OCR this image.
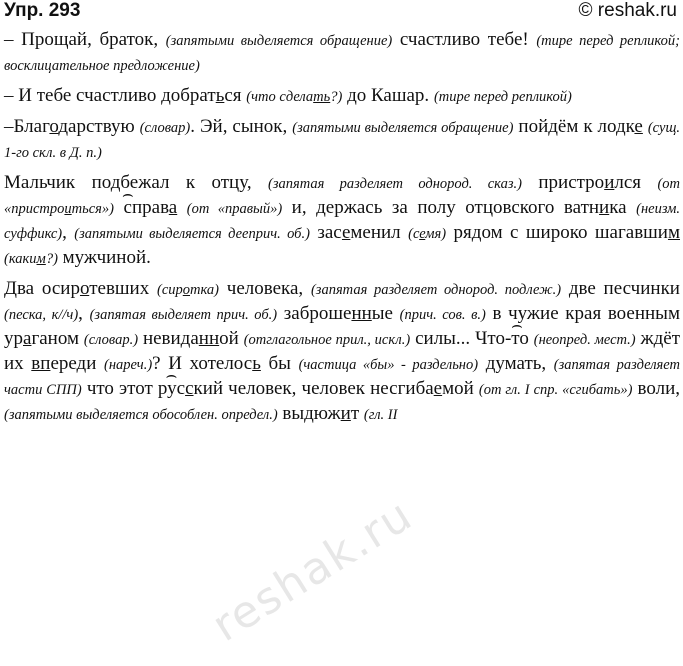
Упр. 293	© reshak.ru

– Прощай, браток, (запятыми выделяется обращение) счастливо тебе! (тире перед репликой; восклицательное предложение)

– И тебе счастливо добраться (что сделать?) до Кашар. (тире перед репликой)

–Благодарствую (словар). Эй, сынок, (запятыми выделяется обращение) пойдём к лодке (сущ. 1-го скл. в Д. п.)

Мальчик подбежал к отцу, (запятая разделяет однород. сказ.) пристроился (от «пристроиться») ⌢ справа (от «правый») и, держась за полу отцовского ватника (неизм. суффикс), (запятыми выделяется дееприч. об.) засеменил (семя) рядом с широко шагавшим (каким?) мужчиной.

Два осиротевших (сиротка) человека, (запятая разделяет однород. подлеж.) две песчинки (песка, к//ч), (запятая выделяет прич. об.) заброшенные (прич. сов. в.) в чужие края военным ураганом (словар.) невиданной (отглагольное прил., искл.) силы... Что⌢ -то (неопред. мест.) ждёт их впереди (нареч.)? И хотелось бы (частица «бы» - раздельно) думать, (запятая разделяет части СПП) что этот ⌢ русский человек, человек несгибаемой (от гл. I спр. «сгибать») воли, (запятыми выделяется обособлен. определ.) выдюжит (гл. II

reshak.ru
